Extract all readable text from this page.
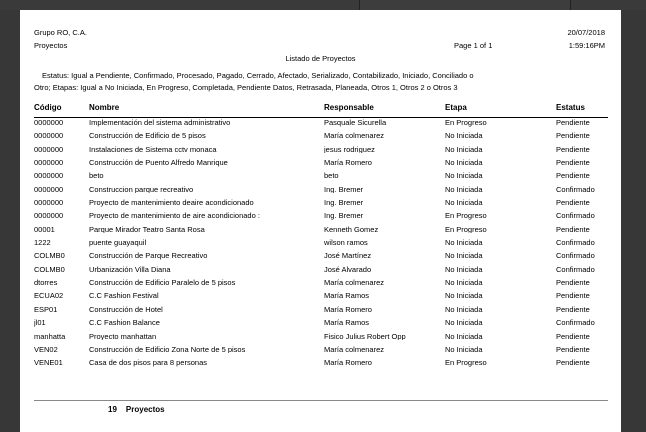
Grupo RO, C.A.
Proyectos
20/07/2018
1:59:16PM
Page 1 of 1
Listado de Proyectos
Estatus: Igual a Pendiente, Confirmado, Procesado, Pagado, Cerrado, Afectado, Serializado, Contabilizado, Iniciado, Conciliado o
Otro; Etapas: Igual a No Iniciada, En Progreso, Completada, Pendiente Datos, Retrasada, Planeada, Otros 1, Otros 2 o Otros 3
Código	Nombre	Responsable	Etapa	Estatus
0000000	Implementación del sistema administrativo	Pasquale Sicurella	En Progreso	Pendiente
0000000	Construcción de Edificio de 5 pisos	María colmenarez	No Iniciada	Pendiente
0000000	Instalaciones de Sistema cctv monaca	jesus rodriguez	No Iniciada	Pendiente
0000000	Construcción de Puento Alfredo Manrique	María Romero	No Iniciada	Pendiente
0000000	beto	beto	No Iniciada	Pendiente
0000000	Construccion parque recreativo	Ing. Bremer	No Iniciada	Confirmado
0000000	Proyecto de mantenimiento deaire acondicionado	Ing. Bremer	No Iniciada	Pendiente
0000000	Proyecto de mantenimiento de aire acondicionado :	Ing. Bremer	En Progreso	Confirmado
00001	Parque Mirador Teatro Santa Rosa	Kenneth Gomez	En Progreso	Pendiente
1222	puente guayaquil	wilson ramos	No Iniciada	Confirmado
COLMB0	Construcción de Parque Recreativo	José Martínez	No Iniciada	Confirmado
COLMB0	Urbanización Villa Diana	José Alvarado	No Iniciada	Confirmado
dtorres	Construcción de Edificio Paralelo de 5 pisos	María colmenarez	No Iniciada	Pendiente
ECUA02	C.C Fashion Festival	María Ramos	No Iniciada	Pendiente
ESP01	Construcción de Hotel	María Romero	No Iniciada	Pendiente
jl01	C.C Fashion Balance	María Ramos	No Iniciada	Confirmado
manhatta	Proyecto manhattan	Fisico Julius Robert Opp	No Iniciada	Pendiente
VEN02	Construcción de Edificio Zona Norte de 5 pisos	María colmenarez	No Iniciada	Pendiente
VENE01	Casa de dos pisos para 8 personas	María Romero	En Progreso	Pendiente
19 Proyectos
